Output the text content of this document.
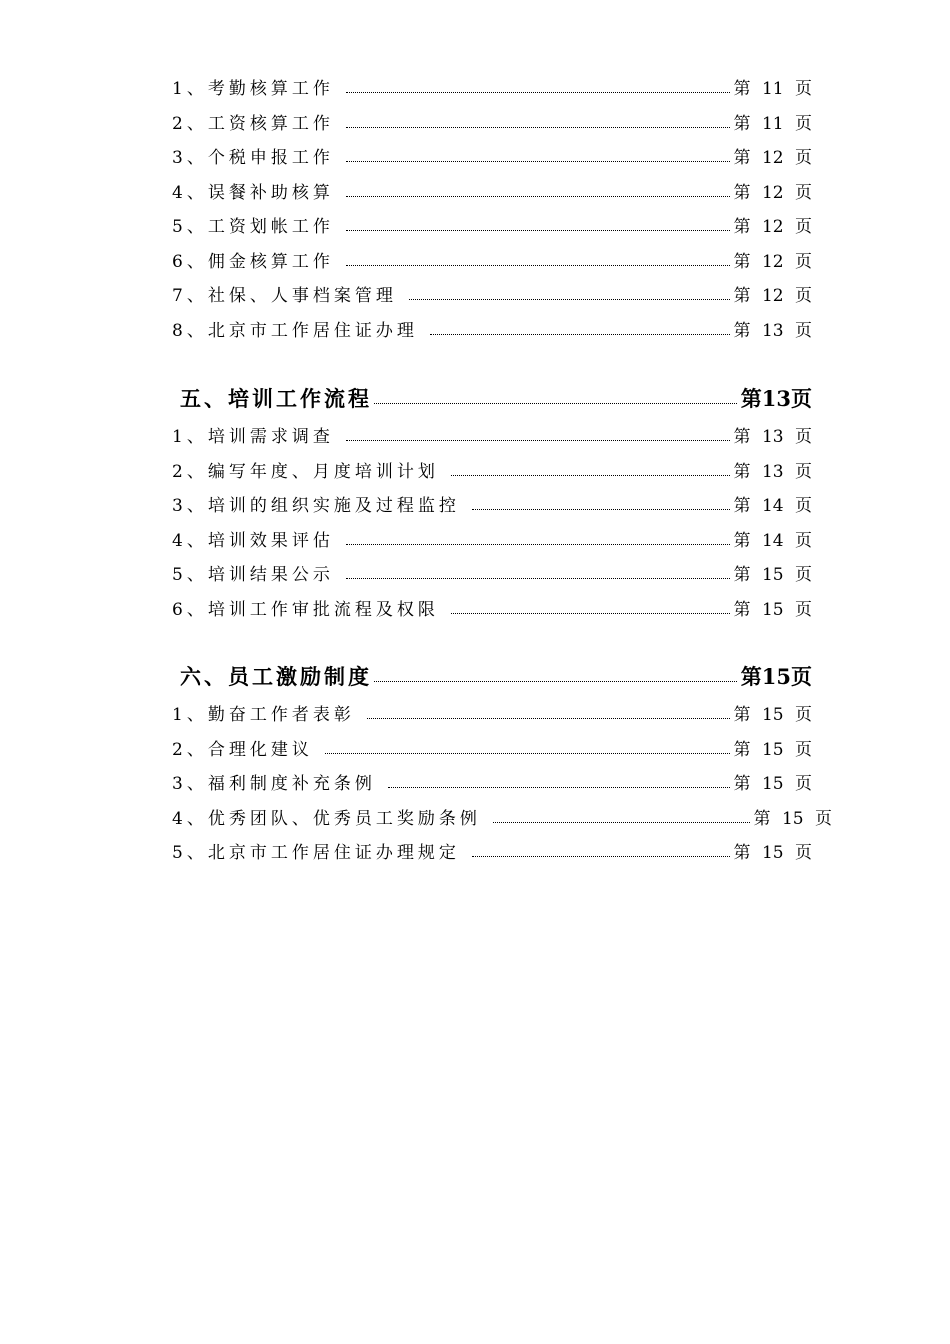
1、考勤核算工作	第 11 页
2、工资核算工作	第 11 页
3、个税申报工作	第 12 页
4、误餐补助核算	第 12 页
5、工资划帐工作	第 12 页
6、佣金核算工作	第 12 页
7、社保、人事档案管理	第 12 页
8、北京市工作居住证办理	第 13 页
五、培训工作流程	第13页
1、培训需求调查	第 13 页
2、编写年度、月度培训计划	第 13 页
3、培训的组织实施及过程监控	第 14 页
4、培训效果评估	第 14 页
5、培训结果公示	第 15 页
6、培训工作审批流程及权限	第 15 页
六、员工激励制度	第15页
1、勤奋工作者表彰	第 15 页
2、合理化建议	第 15 页
3、福利制度补充条例	第 15 页
4、优秀团队、优秀员工奖励条例	第 15 页
5、北京市工作居住证办理规定	第 15 页
